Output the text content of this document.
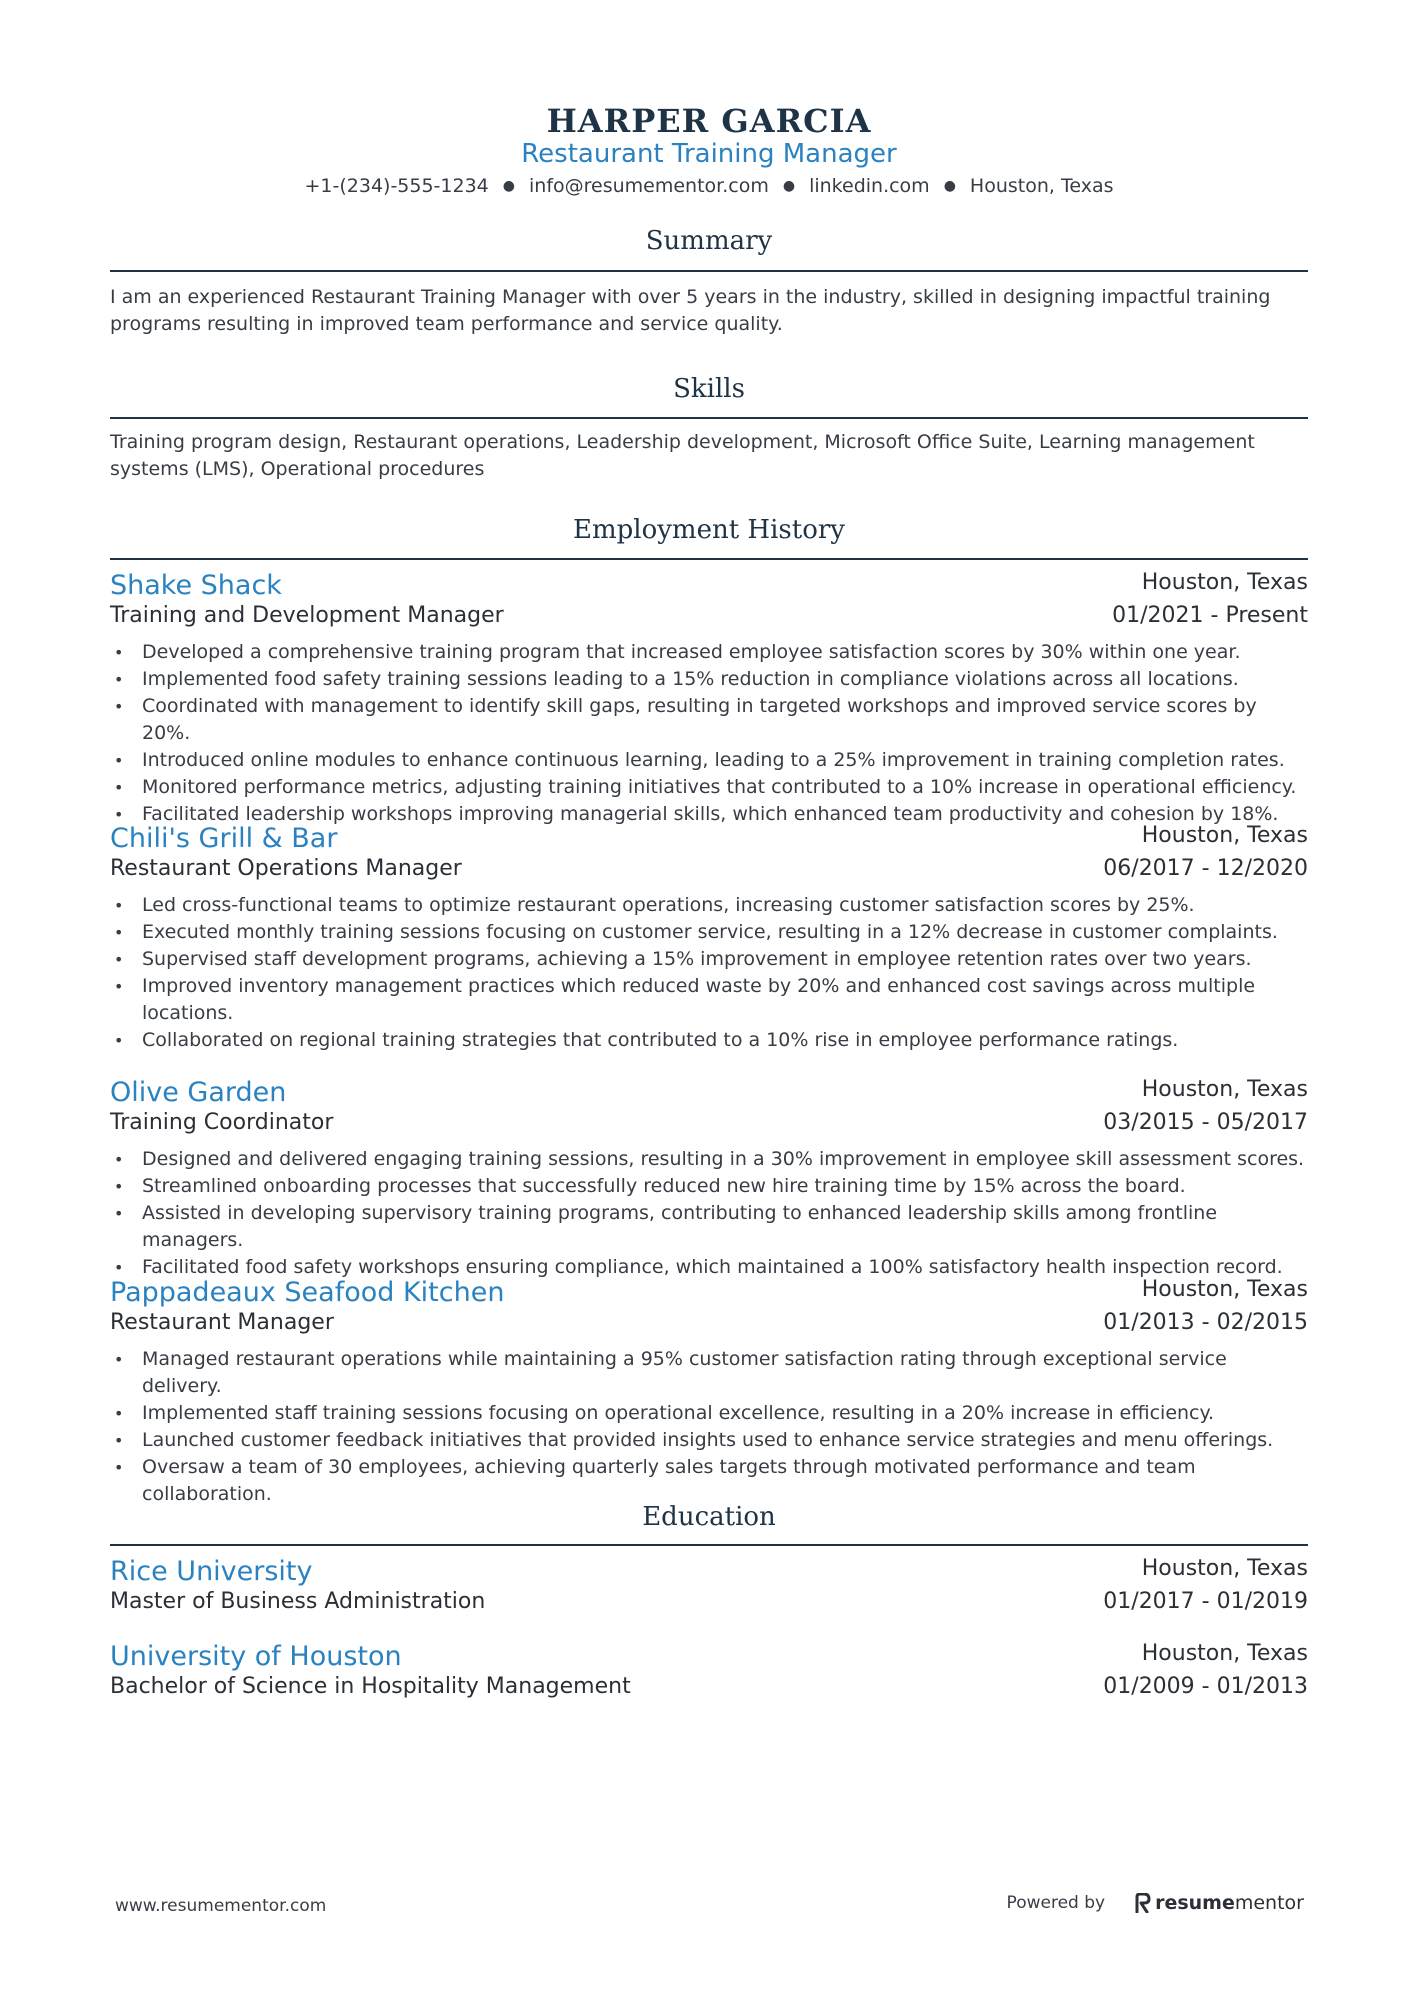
HARPER GARCIA
Restaurant Training Manager
+1-(234)-555-1234 ● info@resumementor.com ● linkedin.com ● Houston, Texas
Summary
I am an experienced Restaurant Training Manager with over 5 years in the industry, skilled in designing impactful training programs resulting in improved team performance and service quality.
Skills
Training program design, Restaurant operations, Leadership development, Microsoft Office Suite, Learning management systems (LMS), Operational procedures
Employment History
Shake Shack	Houston, Texas
Training and Development Manager	01/2021 - Present
• Developed a comprehensive training program that increased employee satisfaction scores by 30% within one year.
• Implemented food safety training sessions leading to a 15% reduction in compliance violations across all locations.
• Coordinated with management to identify skill gaps, resulting in targeted workshops and improved service scores by 20%.
• Introduced online modules to enhance continuous learning, leading to a 25% improvement in training completion rates.
• Monitored performance metrics, adjusting training initiatives that contributed to a 10% increase in operational efficiency.
• Facilitated leadership workshops improving managerial skills, which enhanced team productivity and cohesion by 18%.
Chili's Grill & Bar	Houston, Texas
Restaurant Operations Manager	06/2017 - 12/2020
• Led cross-functional teams to optimize restaurant operations, increasing customer satisfaction scores by 25%.
• Executed monthly training sessions focusing on customer service, resulting in a 12% decrease in customer complaints.
• Supervised staff development programs, achieving a 15% improvement in employee retention rates over two years.
• Improved inventory management practices which reduced waste by 20% and enhanced cost savings across multiple locations.
• Collaborated on regional training strategies that contributed to a 10% rise in employee performance ratings.
Olive Garden	Houston, Texas
Training Coordinator	03/2015 - 05/2017
• Designed and delivered engaging training sessions, resulting in a 30% improvement in employee skill assessment scores.
• Streamlined onboarding processes that successfully reduced new hire training time by 15% across the board.
• Assisted in developing supervisory training programs, contributing to enhanced leadership skills among frontline managers.
• Facilitated food safety workshops ensuring compliance, which maintained a 100% satisfactory health inspection record.
Pappadeaux Seafood Kitchen	Houston, Texas
Restaurant Manager	01/2013 - 02/2015
• Managed restaurant operations while maintaining a 95% customer satisfaction rating through exceptional service delivery.
• Implemented staff training sessions focusing on operational excellence, resulting in a 20% increase in efficiency.
• Launched customer feedback initiatives that provided insights used to enhance service strategies and menu offerings.
• Oversaw a team of 30 employees, achieving quarterly sales targets through motivated performance and team collaboration.
Education
Rice University	Houston, Texas
Master of Business Administration	01/2017 - 01/2019
University of Houston	Houston, Texas
Bachelor of Science in Hospitality Management	01/2009 - 01/2013
www.resumementor.com	Powered by	resume mentor
